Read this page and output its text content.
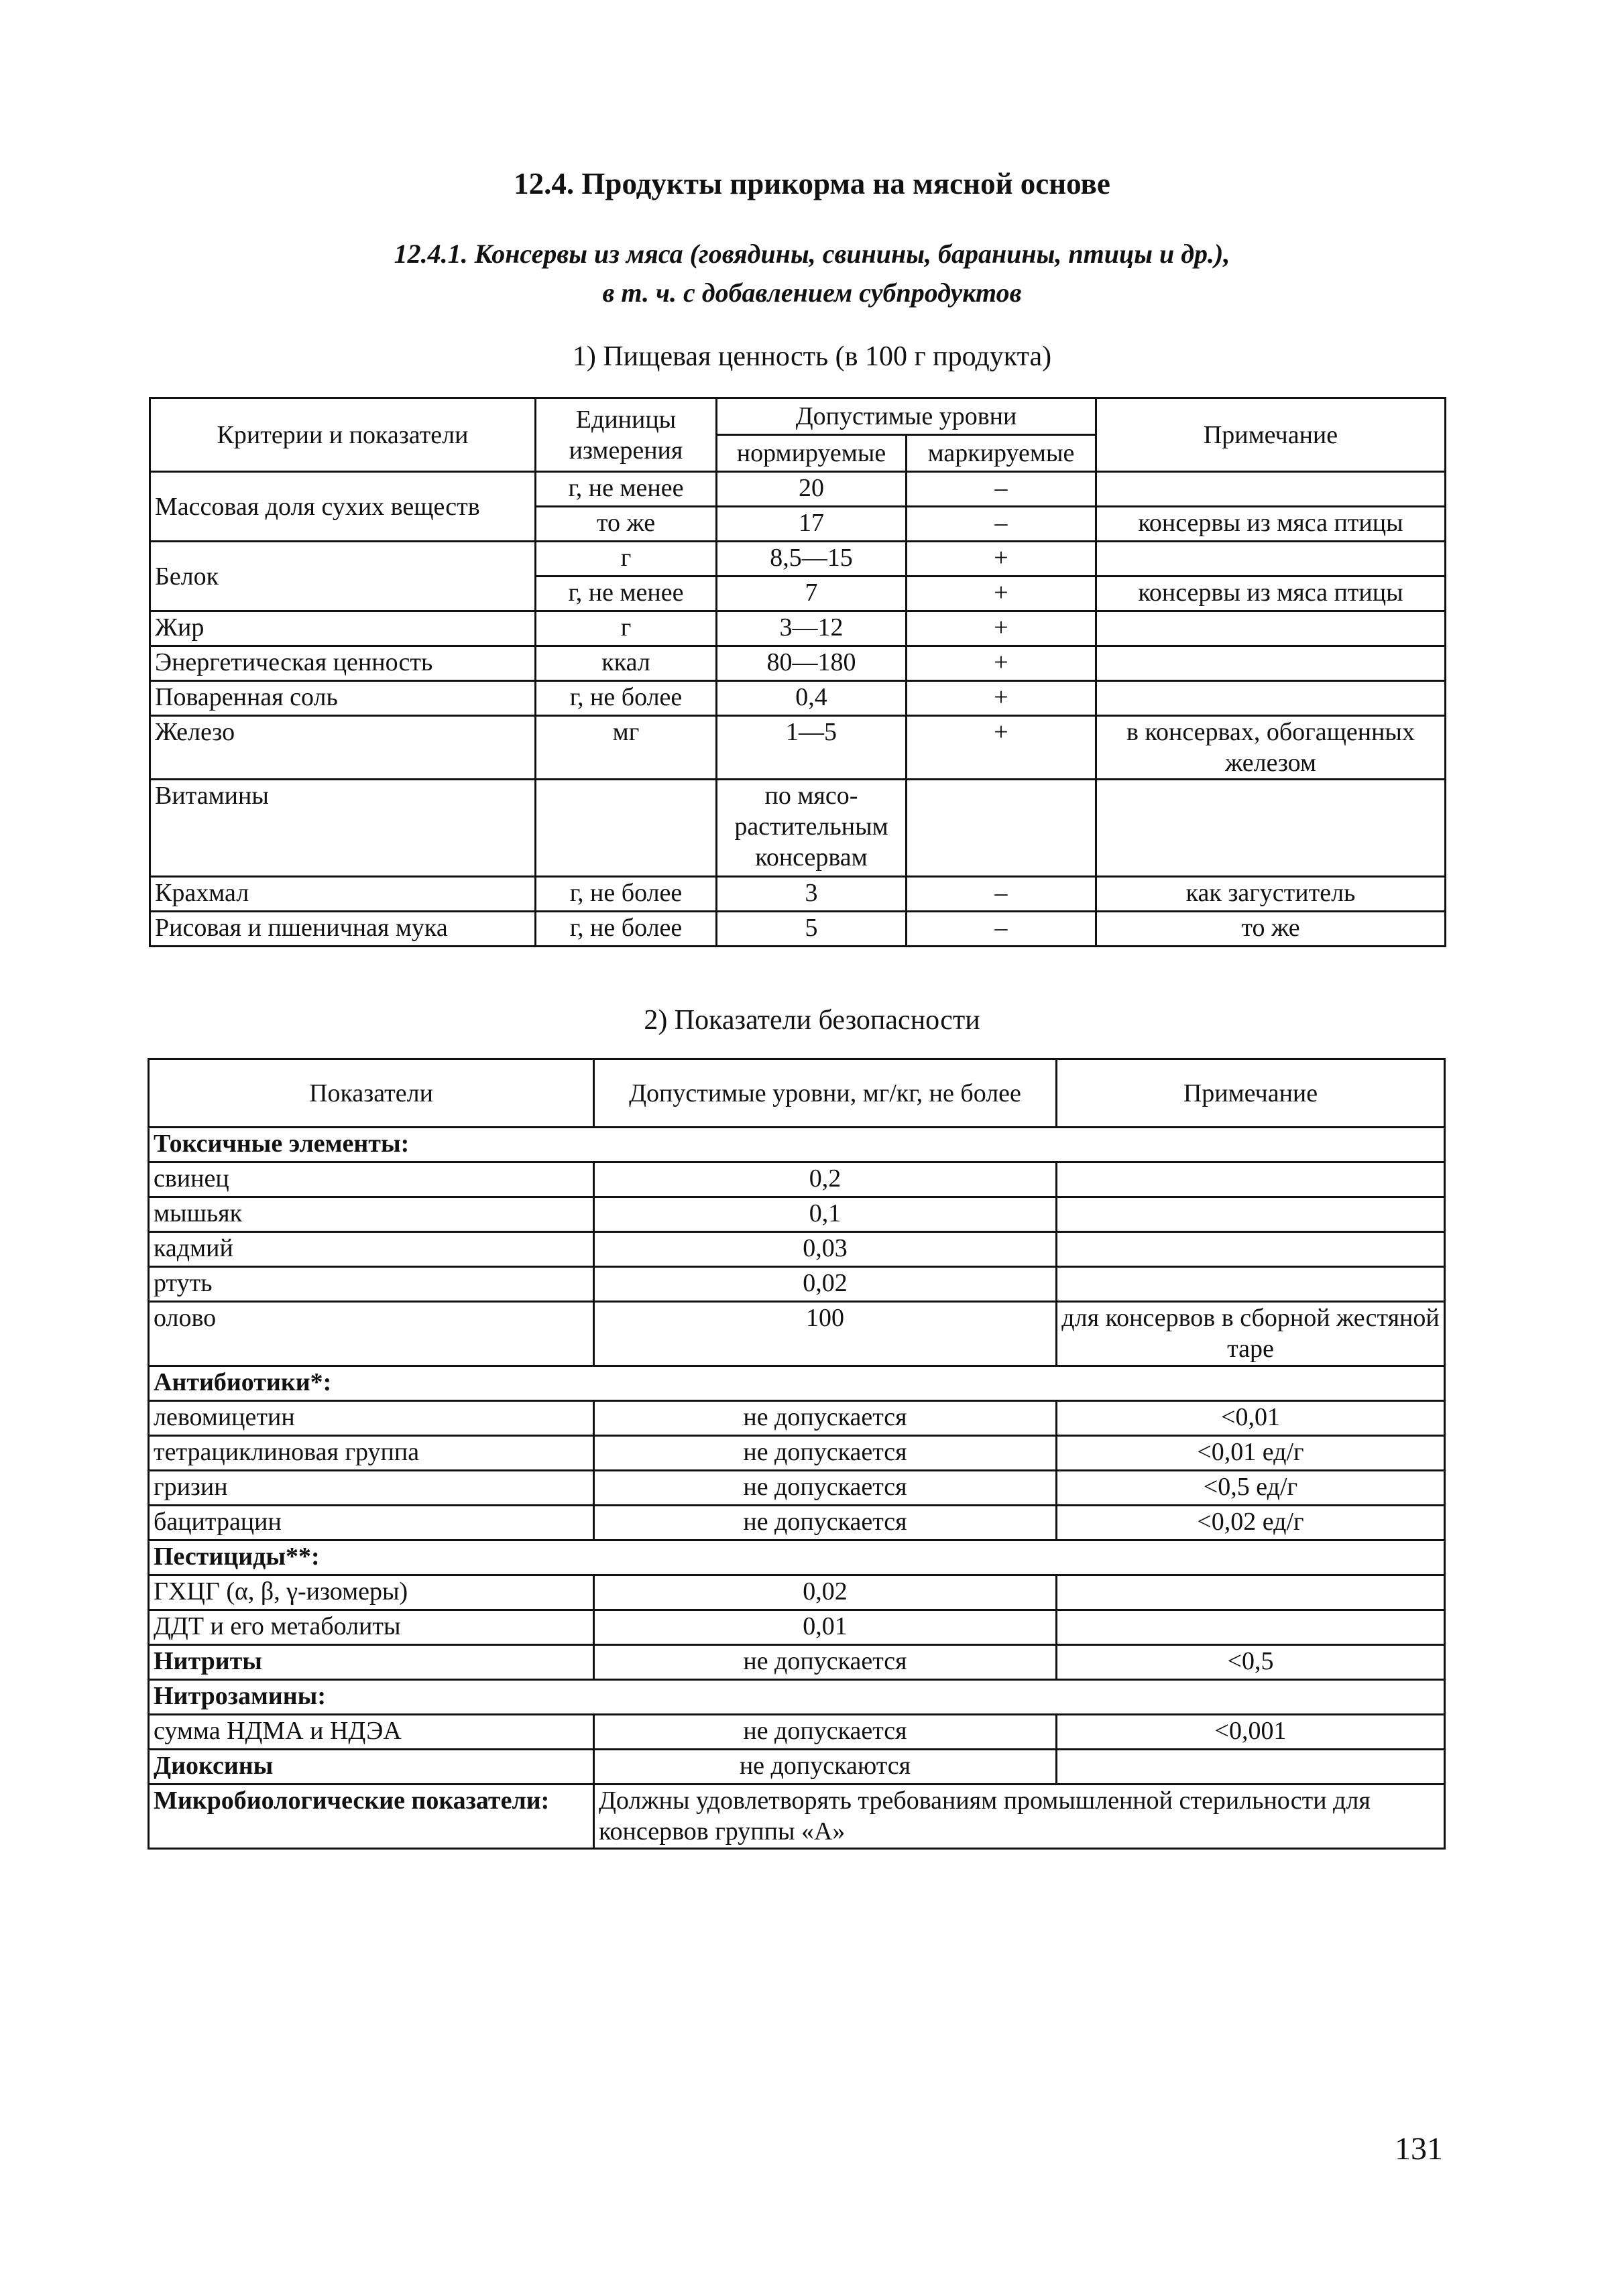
12.4. Продукты прикорма на мясной основе
12.4.1. Консервы из мяса (говядины, свинины, баранины, птицы и др.),
в т. ч. с добавлением субпродуктов
1) Пищевая ценность (в 100 г продукта)
Критерии и показатели	Единицы измерения	Допустимые уровни		Примечание
		нормируемые	маркируемые	
Массовая доля сухих веществ	г, не менее	20	–	
	то же	17	–	консервы из мяса птицы
Белок	г	8,5—15	+	
	г, не менее	7	+	консервы из мяса птицы
Жир	г	3—12	+	
Энергетическая ценность	ккал	80—180	+	
Поваренная соль	г, не более	0,4	+	
Железо	мг	1—5	+	в консервах, обогащенных железом
Витамины		по мясо-растительным консервам		
Крахмал	г, не более	3	–	как загуститель
Рисовая и пшеничная мука	г, не более	5	–	то же
2) Показатели безопасности
Показатели	Допустимые уровни, мг/кг, не более	Примечание
Токсичные элементы:		
свинец	0,2	
мышьяк	0,1	
кадмий	0,03	
ртуть	0,02	
олово	100	для консервов в сборной жестяной таре
Антибиотики*:		
левомицетин	не допускается	<0,01
тетрациклиновая группа	не допускается	<0,01 ед/г
гризин	не допускается	<0,5 ед/г
бацитрацин	не допускается	<0,02 ед/г
Пестициды**:		
ГХЦГ (α, β, γ-изомеры)	0,02	
ДДТ и его метаболиты	0,01	
Нитриты	не допускается	<0,5
Нитрозамины:		
сумма НДМА и НДЭА	не допускается	<0,001
Диоксины	не допускаются	
Микробиологические показатели:	Должны удовлетворять требованиям промышленной стерильности для консервов группы «А»	
131
